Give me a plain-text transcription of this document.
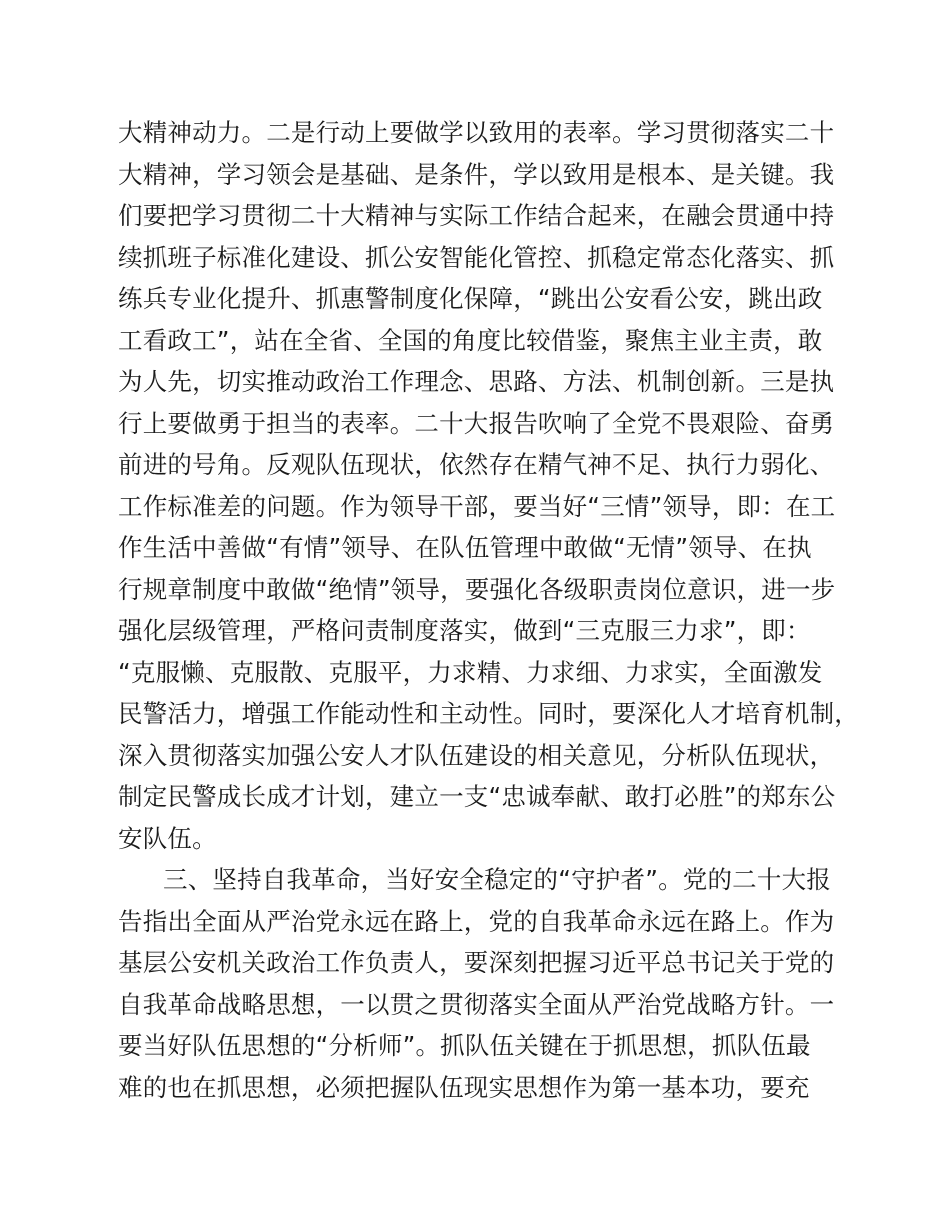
大精神动力。二是行动上要做学以致用的表率。学习贯彻落实二十
大精神，学习领会是基础、是条件，学以致用是根本、是关键。我
们要把学习贯彻二十大精神与实际工作结合起来，在融会贯通中持
续抓班子标准化建设、抓公安智能化管控、抓稳定常态化落实、抓
练兵专业化提升、抓惠警制度化保障，“跳出公安看公安，跳出政
工看政工”，站在全省、全国的角度比较借鉴，聚焦主业主责，敢
为人先，切实推动政治工作理念、思路、方法、机制创新。三是执
行上要做勇于担当的表率。二十大报告吹响了全党不畏艰险、奋勇
前进的号角。反观队伍现状，依然存在精气神不足、执行力弱化、
工作标准差的问题。作为领导干部，要当好“三情”领导，即：在工
作生活中善做“有情”领导、在队伍管理中敢做“无情”领导、在执
行规章制度中敢做“绝情”领导，要强化各级职责岗位意识，进一步
强化层级管理，严格问责制度落实，做到“三克服三力求”，即：
“克服懒、克服散、克服平，力求精、力求细、力求实，全面激发
民警活力，增强工作能动性和主动性。同时，要深化人才培育机制，
深入贯彻落实加强公安人才队伍建设的相关意见，分析队伍现状，
制定民警成长成才计划，建立一支“忠诚奉献、敢打必胜”的郑东公
安队伍。
三、坚持自我革命，当好安全稳定的“守护者”。党的二十大报
告指出全面从严治党永远在路上，党的自我革命永远在路上。作为
基层公安机关政治工作负责人，要深刻把握习近平总书记关于党的
自我革命战略思想，一以贯之贯彻落实全面从严治党战略方针。一
要当好队伍思想的“分析师”。抓队伍关键在于抓思想，抓队伍最
难的也在抓思想，必须把握队伍现实思想作为第一基本功，要充
